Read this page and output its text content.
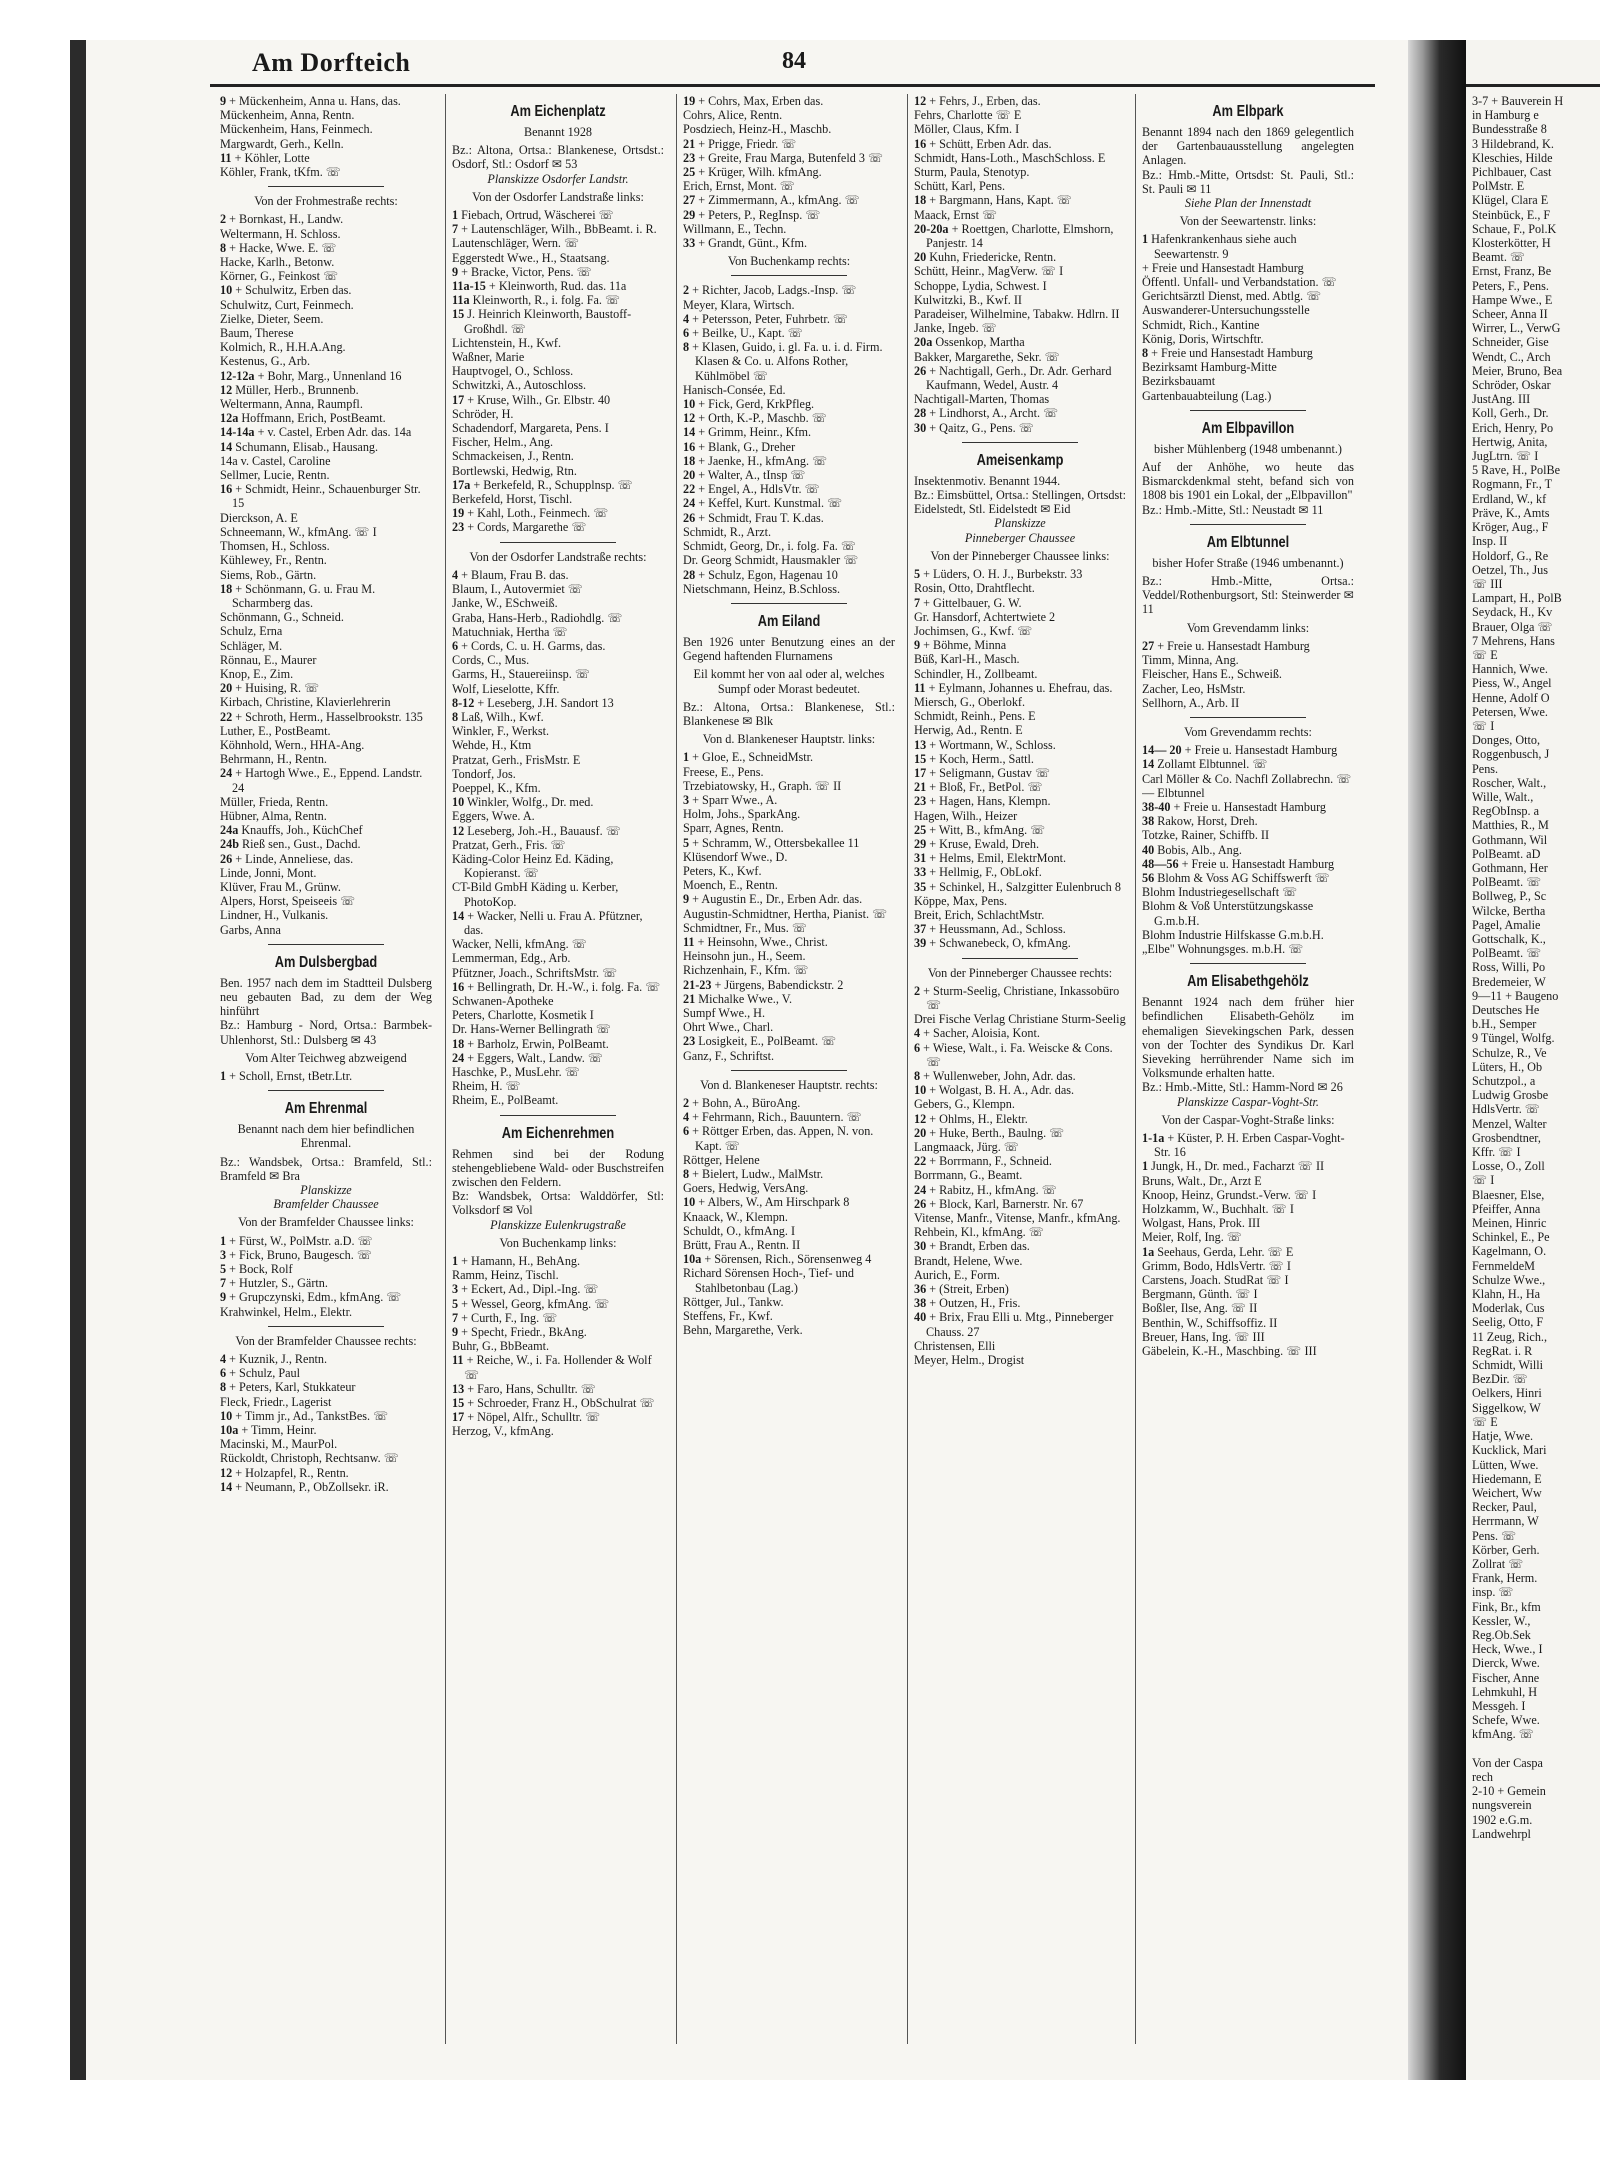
3-7 + Bauverein H
in Hamburg e
Bundesstraße 8
3 Hildebrand, K.
Kleschies, Hilde
Pichlbauer, Cast
PolMstr. E
Klügel, Clara E
Steinbück, E., F
Schaue, F., Pol.K
Klosterkötter, H
Beamt. ☏
Ernst, Franz, Be
Peters, F., Pens.
Hampe Wwe., E
Scheer, Anna II
Wirrer, L., VerwG
Schneider, Gise
Wendt, C., Arch
Meier, Bruno, Bea
Schröder, Oskar
JustAng. III
Koll, Gerh., Dr.
Erich, Henry, Po
Hertwig, Anita,
JugLtrn. ☏ I
5 Rave, H., PolBe
Rogmann, Fr., T
Erdland, W., kf
Präve, K., Amts
Kröger, Aug., F
Insp. II
Holdorf, G., Re
Oetzel, Th., Jus
☏ III
Lampart, H., PolB
Seydack, H., Kv
Brauer, Olga ☏
7 Mehrens, Hans
☏ E
Hannich, Wwe.
Piess, W., Angel
Henne, Adolf O
Petersen, Wwe.
☏ I
Donges, Otto,
Roggenbusch, J
Pens.
Roscher, Walt.,
Wille, Walt.,
RegObInsp. a
Matthies, R., M
Gothmann, Wil
PolBeamt. aD
Gothmann, Her
PolBeamt. ☏
Bollweg, P., Sc
Wilcke, Bertha
Pagel, Amalie
Gottschalk, K.,
PolBeamt. ☏
Ross, Willi, Po
Bredemeier, W
9—11 + Baugeno
Deutsches He
b.H., Semper
9 Tüngel, Wolfg.
Schulze, R., Ve
Lüters, H., Ob
Schutzpol., a
Ludwig Grosbe
HdlsVertr. ☏
Menzel, Walter
Grosbendtner,
Kffr. ☏ I
Losse, O., Zoll
☏ I
Blaesner, Else,
Pfeiffer, Anna
Meinen, Hinric
Schinkel, E., Pe
Kagelmann, O.
FernmeldeM
Schulze Wwe.,
Klahn, H., Ha
Moderlak, Cus
Seelig, Otto, F
11 Zeug, Rich.,
RegRat. i. R
Schmidt, Willi
BezDir. ☏
Oelkers, Hinri
Siggelkow, W
☏ E
Hatje, Wwe.
Kucklick, Mari
Lütten, Wwe.
Hiedemann, E
Weichert, Ww
Recker, Paul,
Herrmann, W
Pens. ☏
Körber, Gerh.
Zollrat ☏
Frank, Herm.
insp. ☏
Fink, Br., kfm
Kessler, W.,
Reg.Ob.Sek
Heck, Wwe., I
Dierck, Wwe.
Fischer, Anne
Lehmkuhl, H
Messgeh. I
Schefe, Wwe.
kfmAng. ☏

Von der Caspa
rech
2-10 + Gemein
nungsverein
1902 e.G.m.
Landwehrpl
Am Dorfteich	84
9 + Mückenheim, Anna u. Hans, das.
Mückenheim, Anna, Rentn.
Mückenheim, Hans, Feinmech.
Margwardt, Gerh., Kelln.
11 + Köhler, Lotte
Köhler, Frank, tKfm. ☏
Von der Frohmestraße rechts:
2 + Bornkast, H., Landw.
Weltermann, H. Schloss.
8 + Hacke, Wwe. E. ☏
Hacke, Karlh., Betonw.
Körner, G., Feinkost ☏
10 + Schulwitz, Erben das.
Schulwitz, Curt, Feinmech.
Zielke, Dieter, Seem.
Baum, Therese
Kolmich, R., H.H.A.Ang.
Kestenus, G., Arb.
12-12a + Bohr, Marg., Unnenland 16
12 Müller, Herb., Brunnenb.
Weltermann, Anna, Raumpfl.
12a Hoffmann, Erich, PostBeamt.
14-14a + v. Castel, Erben Adr. das. 14a
14 Schumann, Elisab., Hausang.
14a v. Castel, Caroline
Sellmer, Lucie, Rentn.
16 + Schmidt, Heinr., Schauenburger Str. 15
Dierckson, A. E
Schneemann, W., kfmAng. ☏ I
Thomsen, H., Schloss.
Kühlewey, Fr., Rentn.
Siems, Rob., Gärtn.
18 + Schönmann, G. u. Frau M. Scharmberg das.
Schönmann, G., Schneid.
Schulz, Erna
Schläger, M.
Rönnau, E., Maurer
Knop, E., Zim.
20 + Huising, R. ☏
Kirbach, Christine, Klavierlehrerin
22 + Schroth, Herm., Hasselbrookstr. 135
Luther, E., PostBeamt.
Köhnhold, Wern., HHA-Ang.
Behrmann, H., Rentn.
24 + Hartogh Wwe., E., Eppend. Landstr. 24
Müller, Frieda, Rentn.
Hübner, Alma, Rentn.
24a Knauffs, Joh., KüchChef
24b Rieß sen., Gust., Dachd.
26 + Linde, Anneliese, das.
Linde, Jonni, Mont.
Klüver, Frau M., Grünw.
Alpers, Horst, Speiseeis ☏
Lindner, H., Vulkanis.
Garbs, Anna
Am Dulsbergbad
Ben. 1957 nach dem im Stadtteil Dulsberg neu gebauten Bad, zu dem der Weg hinführt
Bz.: Hamburg - Nord, Ortsa.: Barmbek-Uhlenhorst, Stl.: Dulsberg ✉ 43
Vom Alter Teichweg abzweigend
1 + Scholl, Ernst, tBetr.Ltr.
Am Ehrenmal
Benannt nach dem hier befindlichen Ehrenmal.
Bz.: Wandsbek, Ortsa.: Bramfeld, Stl.: Bramfeld ✉ Bra
Planskizze
Bramfelder Chaussee
Von der Bramfelder Chaussee links:
1 + Fürst, W., PolMstr. a.D. ☏
3 + Fick, Bruno, Baugesch. ☏
5 + Bock, Rolf
7 + Hutzler, S., Gärtn.
9 + Grupczynski, Edm., kfmAng. ☏
Krahwinkel, Helm., Elektr.
Von der Bramfelder Chaussee rechts:
4 + Kuznik, J., Rentn.
6 + Schulz, Paul
8 + Peters, Karl, Stukkateur
Fleck, Friedr., Lagerist
10 + Timm jr., Ad., TankstBes. ☏
10a + Timm, Heinr.
Macinski, M., MaurPol.
Rückoldt, Christoph, Rechtsanw. ☏
12 + Holzapfel, R., Rentn.
14 + Neumann, P., ObZollsekr. iR.
Am Eichenplatz
Benannt 1928
Bz.: Altona, Ortsa.: Blankenese, Ortsdst.: Osdorf, Stl.: Osdorf ✉ 53
Planskizze Osdorfer Landstr.
Von der Osdorfer Landstraße links:
1 Fiebach, Ortrud, Wäscherei ☏
7 + Lautenschläger, Wilh., BbBeamt. i. R.
Lautenschläger, Wern. ☏
Eggerstedt Wwe., H., Staatsang.
9 + Bracke, Victor, Pens. ☏
11a-15 + Kleinworth, Rud. das. 11a
11a Kleinworth, R., i. folg. Fa. ☏
15 J. Heinrich Kleinworth, Baustoff-Großhdl. ☏
Lichtenstein, H., Kwf.
Waßner, Marie
Hauptvogel, O., Schloss.
Schwitzki, A., Autoschloss.
17 + Kruse, Wilh., Gr. Elbstr. 40
Schröder, H.
Schadendorf, Margareta, Pens. I
Fischer, Helm., Ang.
Schmackeisen, J., Rentn.
Bortlewski, Hedwig, Rtn.
17a + Berkefeld, R., Schupplnsp. ☏
Berkefeld, Horst, Tischl.
19 + Kahl, Loth., Feinmech. ☏
23 + Cords, Margarethe ☏
Von der Osdorfer Landstraße rechts:
4 + Blaum, Frau B. das.
Blaum, I., Autovermiet ☏
Janke, W., ESchweiß.
Graba, Hans-Herb., Radiohdlg. ☏
Matuchniak, Hertha ☏
6 + Cords, C. u. H. Garms, das.
Cords, C., Mus.
Garms, H., Stauereiinsp. ☏
Wolf, Lieselotte, Kffr.
8-12 + Leseberg, J.H. Sandort 13
8 Laß, Wilh., Kwf.
Winkler, F., Werkst.
Wehde, H., Ktm
Pratzat, Gerh., FrisMstr. E
Tondorf, Jos.
Poeppel, K., Kfm.
10 Winkler, Wolfg., Dr. med.
Eggers, Wwe. A.
12 Leseberg, Joh.-H., Bauausf. ☏
Pratzat, Gerh., Fris. ☏
Käding-Color Heinz Ed. Käding, Kopieranst. ☏
CT-Bild GmbH Käding u. Kerber, PhotoKop.
14 + Wacker, Nelli u. Frau A. Pfützner, das.
Wacker, Nelli, kfmAng. ☏
Lemmerman, Edg., Arb.
Pfützner, Joach., SchriftsMstr. ☏
16 + Bellingrath, Dr. H.-W., i. folg. Fa. ☏
Schwanen-Apotheke
Peters, Charlotte, Kosmetik I
Dr. Hans-Werner Bellingrath ☏
18 + Barholz, Erwin, PolBeamt.
24 + Eggers, Walt., Landw. ☏
Haschke, P., MusLehr. ☏
Rheim, H. ☏
Rheim, E., PolBeamt.
Am Eichenrehmen
Rehmen sind bei der Rodung stehengebliebene Wald- oder Buschstreifen zwischen den Feldern.
Bz: Wandsbek, Ortsa: Walddörfer, Stl: Volksdorf ✉ Vol
Planskizze Eulenkrugstraße
Von Buchenkamp links:
1 + Hamann, H., BehAng.
Ramm, Heinz, Tischl.
3 + Eckert, Ad., Dipl.-Ing. ☏
5 + Wessel, Georg, kfmAng. ☏
7 + Curth, F., Ing. ☏
9 + Specht, Friedr., BkAng.
Buhr, G., BbBeamt.
11 + Reiche, W., i. Fa. Hollender & Wolf ☏
13 + Faro, Hans, Schulltr. ☏
15 + Schroeder, Franz H., ObSchulrat ☏
17 + Nöpel, Alfr., Schulltr. ☏
Herzog, V., kfmAng.
19 + Cohrs, Max, Erben das.
Cohrs, Alice, Rentn.
Posdziech, Heinz-H., Maschb.
21 + Prigge, Friedr. ☏
23 + Greite, Frau Marga, Butenfeld 3 ☏
25 + Krüger, Wilh. kfmAng.
Erich, Ernst, Mont. ☏
27 + Zimmermann, A., kfmAng. ☏
29 + Peters, P., RegInsp. ☏
Willmann, E., Techn.
33 + Grandt, Günt., Kfm.
Von Buchenkamp rechts:
2 + Richter, Jacob, Ladgs.-Insp. ☏
Meyer, Klara, Wirtsch.
4 + Petersson, Peter, Fuhrbetr. ☏
6 + Beilke, U., Kapt. ☏
8 + Klasen, Guido, i. gl. Fa. u. i. d. Firm. Klasen & Co. u. Alfons Rother, Kühlmöbel ☏
Hanisch-Consée, Ed.
10 + Fick, Gerd, KrkPfleg.
12 + Orth, K.-P., Maschb. ☏
14 + Grimm, Heinr., Kfm.
16 + Blank, G., Dreher
18 + Jaenke, H., kfmAng. ☏
20 + Walter, A., tInsp ☏
22 + Engel, A., HdlsVtr. ☏
24 + Keffel, Kurt. Kunstmal. ☏
26 + Schmidt, Frau T. K.das.
Schmidt, R., Arzt.
Schmidt, Georg, Dr., i. folg. Fa. ☏
Dr. Georg Schmidt, Hausmakler ☏
28 + Schulz, Egon, Hagenau 10
Nietschmann, Heinz, B.Schloss.
Am Eiland
Ben 1926 unter Benutzung eines an der Gegend haftenden Flurnamens
Eil kommt her von aal oder al, welches Sumpf oder Morast bedeutet.
Bz.: Altona, Ortsa.: Blankenese, Stl.: Blankenese ✉ Blk
Von d. Blankeneser Hauptstr. links:
1 + Gloe, E., SchneidMstr.
Freese, E., Pens.
Trzebiatowsky, H., Graph. ☏ II
3 + Sparr Wwe., A.
Holm, Johs., SparkAng.
Sparr, Agnes, Rentn.
5 + Schramm, W., Ottersbekallee 11
Klüsendorf Wwe., D.
Peters, K., Kwf.
Moench, E., Rentn.
9 + Augustin E., Dr., Erben Adr. das.
Augustin-Schmidtner, Hertha, Pianist. ☏
Schmidtner, Fr., Mus. ☏
11 + Heinsohn, Wwe., Christ.
Heinsohn jun., H., Seem.
Richzenhain, F., Kfm. ☏
21-23 + Jürgens, Babendickstr. 2
21 Michalke Wwe., V.
Sumpf Wwe., H.
Ohrt Wwe., Charl.
23 Losigkeit, E., PolBeamt. ☏
Ganz, F., Schriftst.
Von d. Blankeneser Hauptstr. rechts:
2 + Bohn, A., BüroAng.
4 + Fehrmann, Rich., Bauuntern. ☏
6 + Röttger Erben, das. Appen, N. von. Kapt. ☏
Röttger, Helene
8 + Bielert, Ludw., MalMstr.
Goers, Hedwig, VersAng.
10 + Albers, W., Am Hirschpark 8
Knaack, W., Klempn.
Schuldt, O., kfmAng. I
Brütt, Frau A., Rentn. II
10a + Sörensen, Rich., Sörensenweg 4
Richard Sörensen Hoch-, Tief- und Stahlbetonbau (Lag.)
Röttger, Jul., Tankw.
Steffens, Fr., Kwf.
Behn, Margarethe, Verk.
12 + Fehrs, J., Erben, das.
Fehrs, Charlotte ☏ E
Möller, Claus, Kfm. I
16 + Schütt, Erben Adr. das.
Schmidt, Hans-Loth., MaschSchloss. E
Sturm, Paula, Stenotyp.
Schütt, Karl, Pens.
18 + Bargmann, Hans, Kapt. ☏
Maack, Ernst ☏
20-20a + Roettgen, Charlotte, Elmshorn, Panjestr. 14
20 Kuhn, Friedericke, Rentn.
Schütt, Heinr., MagVerw. ☏ I
Schoppe, Lydia, Schwest. I
Kulwitzki, B., Kwf. II
Paradeiser, Wilhelmine, Tabakw. Hdlrn. II
Janke, Ingeb. ☏
20a Ossenkop, Martha
Bakker, Margarethe, Sekr. ☏
26 + Nachtigall, Gerh., Dr. Adr. Gerhard Kaufmann, Wedel, Austr. 4
Nachtigall-Marten, Thomas
28 + Lindhorst, A., Archt. ☏
30 + Qaitz, G., Pens. ☏
Ameisenkamp
Insektenmotiv. Benannt 1944.
Bz.: Eimsbüttel, Ortsa.: Stellingen, Ortsdst: Eidelstedt, Stl. Eidelstedt ✉ Eid
Planskizze
Pinneberger Chaussee
Von der Pinneberger Chaussee links:
5 + Lüders, O. H. J., Burbekstr. 33
Rosin, Otto, Drahtflecht.
7 + Gittelbauer, G. W.
Gr. Hansdorf, Achtertwiete 2
Jochimsen, G., Kwf. ☏
9 + Böhme, Minna
Büß, Karl-H., Masch.
Schindler, H., Zollbeamt.
11 + Eylmann, Johannes u. Ehefrau, das.
Miersch, G., Oberlokf.
Schmidt, Reinh., Pens. E
Herwig, Ad., Rentn. E
13 + Wortmann, W., Schloss.
15 + Koch, Herm., Sattl.
17 + Seligmann, Gustav ☏
21 + Bloß, Fr., BetPol. ☏
23 + Hagen, Hans, Klempn.
Hagen, Wilh., Heizer
25 + Witt, B., kfmAng. ☏
29 + Kruse, Ewald, Dreh.
31 + Helms, Emil, ElektrMont.
33 + Hellmig, F., ObLokf.
35 + Schinkel, H., Salzgitter Eulenbruch 8
Köppe, Max, Pens.
Breit, Erich, SchlachtMstr.
37 + Heussmann, Ad., Schloss.
39 + Schwanebeck, O, kfmAng.
Von der Pinneberger Chaussee rechts:
2 + Sturm-Seelig, Christiane, Inkassobüro ☏
Drei Fische Verlag Christiane Sturm-Seelig
4 + Sacher, Aloisia, Kont.
6 + Wiese, Walt., i. Fa. Weiscke & Cons. ☏
8 + Wullenweber, John, Adr. das.
10 + Wolgast, B. H. A., Adr. das.
Gebers, G., Klempn.
12 + Ohlms, H., Elektr.
20 + Huke, Berth., Baulng. ☏
Langmaack, Jürg. ☏
22 + Borrmann, F., Schneid.
Borrmann, G., Beamt.
24 + Rabitz, H., kfmAng. ☏
26 + Block, Karl, Barnerstr. Nr. 67
Vitense, Manfr., Vitense, Manfr., kfmAng.
Rehbein, Kl., kfmAng. ☏
30 + Brandt, Erben das.
Brandt, Helene, Wwe.
Aurich, E., Form.
36 + (Streit, Erben)
38 + Outzen, H., Fris.
40 + Brix, Frau Elli u. Mtg., Pinneberger Chauss. 27
Christensen, Elli
Meyer, Helm., Drogist
Am Elbpark
Benannt 1894 nach den 1869 gelegentlich der Gartenbauausstellung angelegten Anlagen.
Bz.: Hmb.-Mitte, Ortsdst: St. Pauli, Stl.: St. Pauli ✉ 11
Siehe Plan der Innenstadt
Von der Seewartenstr. links:
1 Hafenkrankenhaus siehe auch Seewartenstr. 9
+ Freie und Hansestadt Hamburg
Öffentl. Unfall- und Verbandstation. ☏
Gerichtsärztl Dienst, med. Abtlg. ☏
Auswanderer-Untersuchungsstelle
Schmidt, Rich., Kantine
König, Doris, Wirtschftr.
8 + Freie und Hansestadt Hamburg
Bezirksamt Hamburg-Mitte
Bezirksbauamt
Gartenbauabteilung (Lag.)
Am Elbpavillon
bisher Mühlenberg (1948 umbenannt.)
Auf der Anhöhe, wo heute das Bismarckdenkmal steht, befand sich von 1808 bis 1901 ein Lokal, der „Elbpavillon"
Bz.: Hmb.-Mitte, Stl.: Neustadt ✉ 11
Am Elbtunnel
bisher Hofer Straße (1946 umbenannt.)
Bz.: Hmb.-Mitte, Ortsa.: Veddel/Rothenburgsort, Stl: Steinwerder ✉ 11
Vom Grevendamm links:
27 + Freie u. Hansestadt Hamburg
Timm, Minna, Ang.
Fleischer, Hans E., Schweiß.
Zacher, Leo, HsMstr.
Sellhorn, A., Arb. II
Vom Grevendamm rechts:
14— 20 + Freie u. Hansestadt Hamburg
14 Zollamt Elbtunnel. ☏
Carl Möller & Co. Nachfl Zollabrechn. ☏
— Elbtunnel
38-40 + Freie u. Hansestadt Hamburg
38 Rakow, Horst, Dreh.
Totzke, Rainer, Schiffb. II
40 Bobis, Alb., Ang.
48—56 + Freie u. Hansestadt Hamburg
56 Blohm & Voss AG Schiffswerft ☏
Blohm Industriegesellschaft ☏
Blohm & Voß Unterstützungskasse G.m.b.H.
Blohm Industrie Hilfskasse G.m.b.H.
„Elbe" Wohnungsges. m.b.H. ☏
Am Elisabethgehölz
Benannt 1924 nach dem früher hier befindlichen Elisabeth-Gehölz im ehemaligen Sievekingschen Park, dessen von der Tochter des Syndikus Dr. Karl Sieveking herrührender Name sich im Volksmunde erhalten hatte.
Bz.: Hmb.-Mitte, Stl.: Hamm-Nord ✉ 26
Planskizze Caspar-Voght-Str.
Von der Caspar-Voght-Straße links:
1-1a + Küster, P. H. Erben Caspar-Voght-Str. 16
1 Jungk, H., Dr. med., Facharzt ☏ II
Bruns, Walt., Dr., Arzt E
Knoop, Heinz, Grundst.-Verw. ☏ I
Holzkamm, W., Buchhalt. ☏ I
Wolgast, Hans, Prok. III
Meier, Rolf, Ing. ☏
1a Seehaus, Gerda, Lehr. ☏ E
Grimm, Bodo, HdlsVertr. ☏ I
Carstens, Joach. StudRat ☏ I
Bergmann, Günth. ☏ I
Boßler, Ilse, Ang. ☏ II
Benthin, W., Schiffsoffiz. II
Breuer, Hans, Ing. ☏ III
Gäbelein, K.-H., Maschbing. ☏ III
